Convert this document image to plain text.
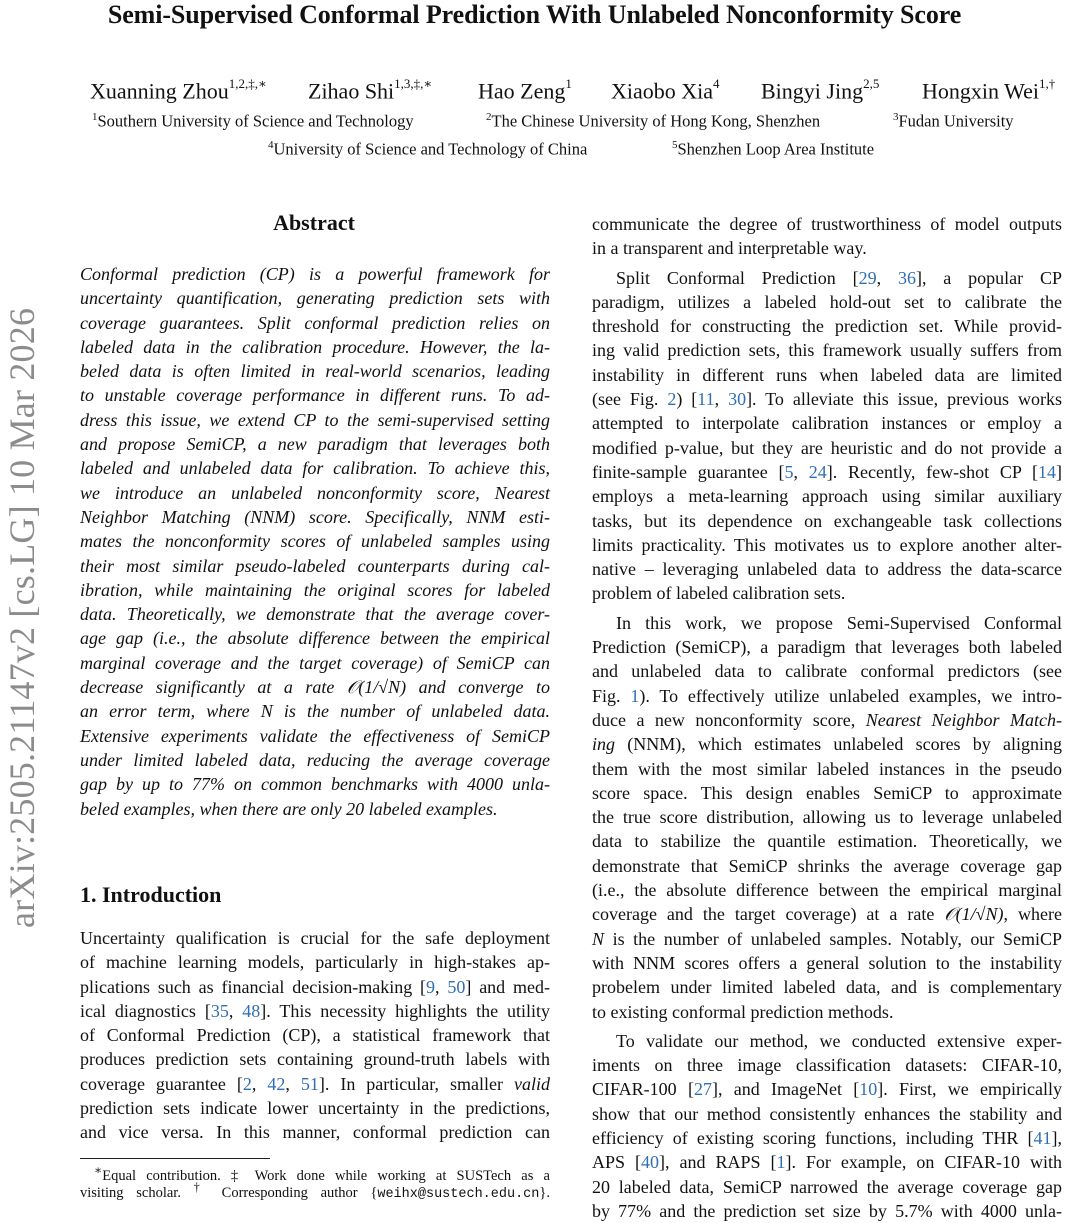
Semi-Supervised Conformal Prediction With Unlabeled Nonconformity Score
Xuanning Zhou$^{1,2,\ddagger,∗}$ Zihao Shi$^{1,3,\ddagger,∗}$ Hao Zeng$^1$ Xiaobo Xia$^4$ Bingyi Jing$^{2,5}$ Hongxin Wei$^{1,\dagger}$
$^1$Southern University of Science and Technology	$^2$The Chinese University of Hong Kong, Shenzhen	$^3$Fudan University
$^4$University of Science and Technology of China	$^5$Shenzhen Loop Area Institute
arXiv:2505.21147v2 [cs.LG] 10 Mar 2026
Abstract
Conformal prediction (CP) is a powerful framework for
uncertainty quantification, generating prediction sets with
coverage guarantees. Split conformal prediction relies on
labeled data in the calibration procedure. However, the la-
beled data is often limited in real-world scenarios, leading
to unstable coverage performance in different runs. To ad-
dress this issue, we extend CP to the semi-supervised setting
and propose SemiCP, a new paradigm that leverages both
labeled and unlabeled data for calibration. To achieve this,
we introduce an unlabeled nonconformity score, Nearest
Neighbor Matching (NNM) score. Specifically, NNM esti-
mates the nonconformity scores of unlabeled samples using
their most similar pseudo-labeled counterparts during cal-
ibration, while maintaining the original scores for labeled
data. Theoretically, we demonstrate that the average cover-
age gap (i.e., the absolute difference between the empirical
marginal coverage and the target coverage) of SemiCP can
decrease significantly at a rate 𝒪(1/√N) and converge to
an error term, where N is the number of unlabeled data.
Extensive experiments validate the effectiveness of SemiCP
under limited labeled data, reducing the average coverage
gap by up to 77% on common benchmarks with 4000 unla-
beled examples, when there are only 20 labeled examples.
1. Introduction
Uncertainty qualification is crucial for the safe deployment
of machine learning models, particularly in high-stakes ap-
plications such as financial decision-making [9, 50] and med-
ical diagnostics [35, 48]. This necessity highlights the utility
of Conformal Prediction (CP), a statistical framework that
produces prediction sets containing ground-truth labels with
coverage guarantee [2, 42, 51]. In particular, smaller valid
prediction sets indicate lower uncertainty in the predictions,
and vice versa. In this manner, conformal prediction can
∗Equal contribution. ‡ Work done while working at SUSTech as a
visiting scholar. † Corresponding author {weihx@sustech.edu.cn}.
communicate the degree of trustworthiness of model outputs
in a transparent and interpretable way.
Split Conformal Prediction [29, 36], a popular CP
paradigm, utilizes a labeled hold-out set to calibrate the
threshold for constructing the prediction set. While provid-
ing valid prediction sets, this framework usually suffers from
instability in different runs when labeled data are limited
(see Fig. 2) [11, 30]. To alleviate this issue, previous works
attempted to interpolate calibration instances or employ a
modified p-value, but they are heuristic and do not provide a
finite-sample guarantee [5, 24]. Recently, few-shot CP [14]
employs a meta-learning approach using similar auxiliary
tasks, but its dependence on exchangeable task collections
limits practicality. This motivates us to explore another alter-
native – leveraging unlabeled data to address the data-scarce
problem of labeled calibration sets.
In this work, we propose Semi-Supervised Conformal
Prediction (SemiCP), a paradigm that leverages both labeled
and unlabeled data to calibrate conformal predictors (see
Fig. 1). To effectively utilize unlabeled examples, we intro-
duce a new nonconformity score, Nearest Neighbor Match-
ing (NNM), which estimates unlabeled scores by aligning
them with the most similar labeled instances in the pseudo
score space. This design enables SemiCP to approximate
the true score distribution, allowing us to leverage unlabeled
data to stabilize the quantile estimation. Theoretically, we
demonstrate that SemiCP shrinks the average coverage gap
(i.e., the absolute difference between the empirical marginal
coverage and the target coverage) at a rate 𝒪(1/√N), where
N is the number of unlabeled samples. Notably, our SemiCP
with NNM scores offers a general solution to the instability
probelem under limited labeled data, and is complementary
to existing conformal prediction methods.
To validate our method, we conducted extensive exper-
iments on three image classification datasets: CIFAR-10,
CIFAR-100 [27], and ImageNet [10]. First, we empirically
show that our method consistently enhances the stability and
efficiency of existing scoring functions, including THR [41],
APS [40], and RAPS [1]. For example, on CIFAR-10 with
20 labeled data, SemiCP narrowed the average coverage gap
by 77% and the prediction set size by 5.7% with 4000 unla-
